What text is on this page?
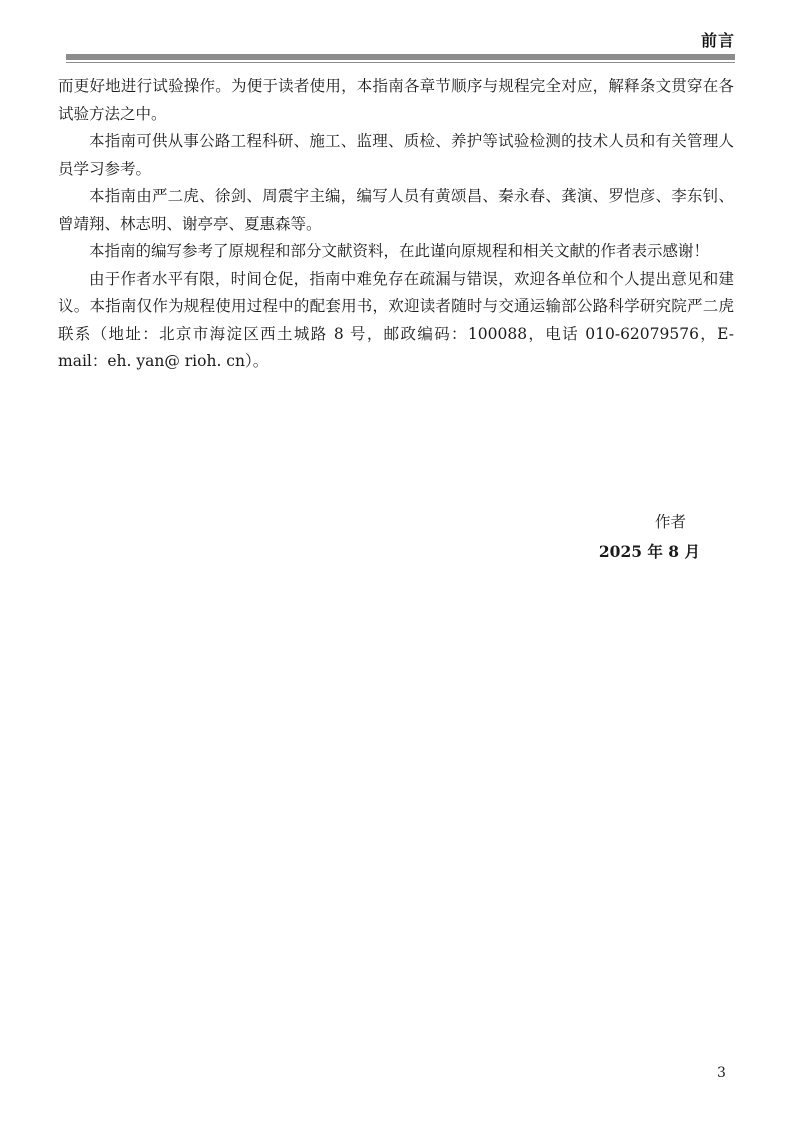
前言

而更好地进行试验操作。为便于读者使用，本指南各章节顺序与规程完全对应，解释条文贯穿在各试验方法之中。

本指南可供从事公路工程科研、施工、监理、质检、养护等试验检测的技术人员和有关管理人员学习参考。

本指南由严二虎、徐剑、周震宇主编，编写人员有黄颂昌、秦永春、龚演、罗恺彦、李东钊、曾靖翔、林志明、谢亭亭、夏惠森等。

本指南的编写参考了原规程和部分文献资料，在此谨向原规程和相关文献的作者表示感谢！

由于作者水平有限，时间仓促，指南中难免存在疏漏与错误，欢迎各单位和个人提出意见和建议。本指南仅作为规程使用过程中的配套用书，欢迎读者随时与交通运输部公路科学研究院严二虎联系（地址：北京市海淀区西土城路 8 号，邮政编码：100088，电话 010-62079576，E-mail：eh. yan@ rioh. cn）。

作者
2025 年 8 月
3
